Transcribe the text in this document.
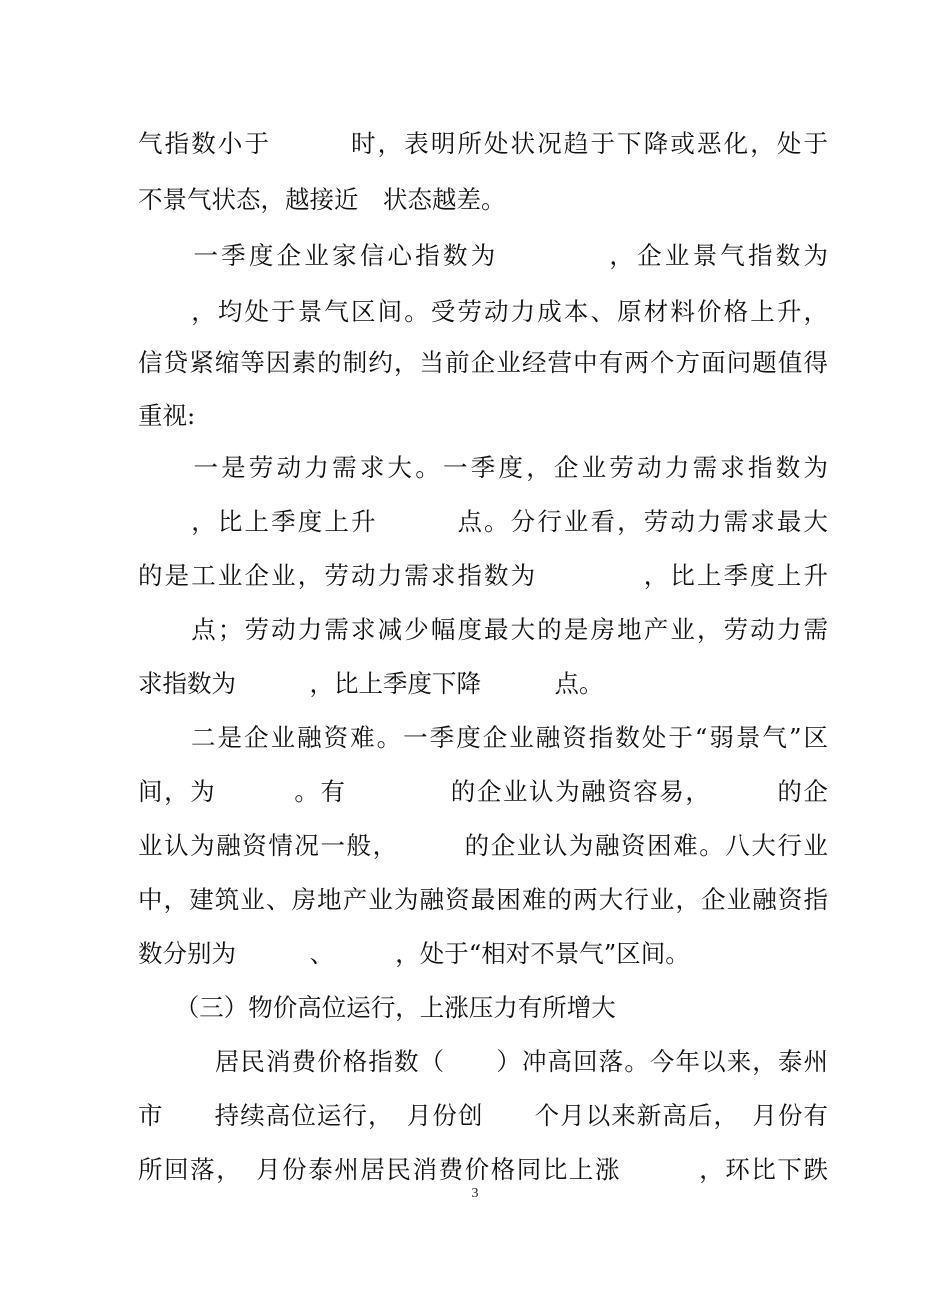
气指数小于　　　时，表明所处状况趋于下降或恶化，处于
不景气状态，越接近　状态越差。
　　一季度企业家信心指数为　　　　，企业景气指数为
　　，均处于景气区间。受劳动力成本、原材料价格上升，
信贷紧缩等因素的制约，当前企业经营中有两个方面问题值得
重视:
　　一是劳动力需求大。一季度，企业劳动力需求指数为
　　，比上季度上升　　　点。分行业看，劳动力需求最大
的是工业企业，劳动力需求指数为　　　　，比上季度上升
　　点；劳动力需求减少幅度最大的是房地产业，劳动力需
求指数为　　　，比上季度下降　　　点。
　　二是企业融资难。一季度企业融资指数处于“弱景气”区
间，为　　　。有　　　　的企业认为融资容易，　　　的企
业认为融资情况一般，　　　的企业认为融资困难。八大行业
中，建筑业、房地产业为融资最困难的两大行业，企业融资指
数分别为　　　、　　　，处于“相对不景气”区间。
　　（三）物价高位运行，上涨压力有所增大
　　　居民消费价格指数（　　）冲高回落。今年以来，泰州
市　　持续高位运行，　月份创　　个月以来新高后，　月份有
所回落，　月份泰州居民消费价格同比上涨　　　，环比下跌
3
